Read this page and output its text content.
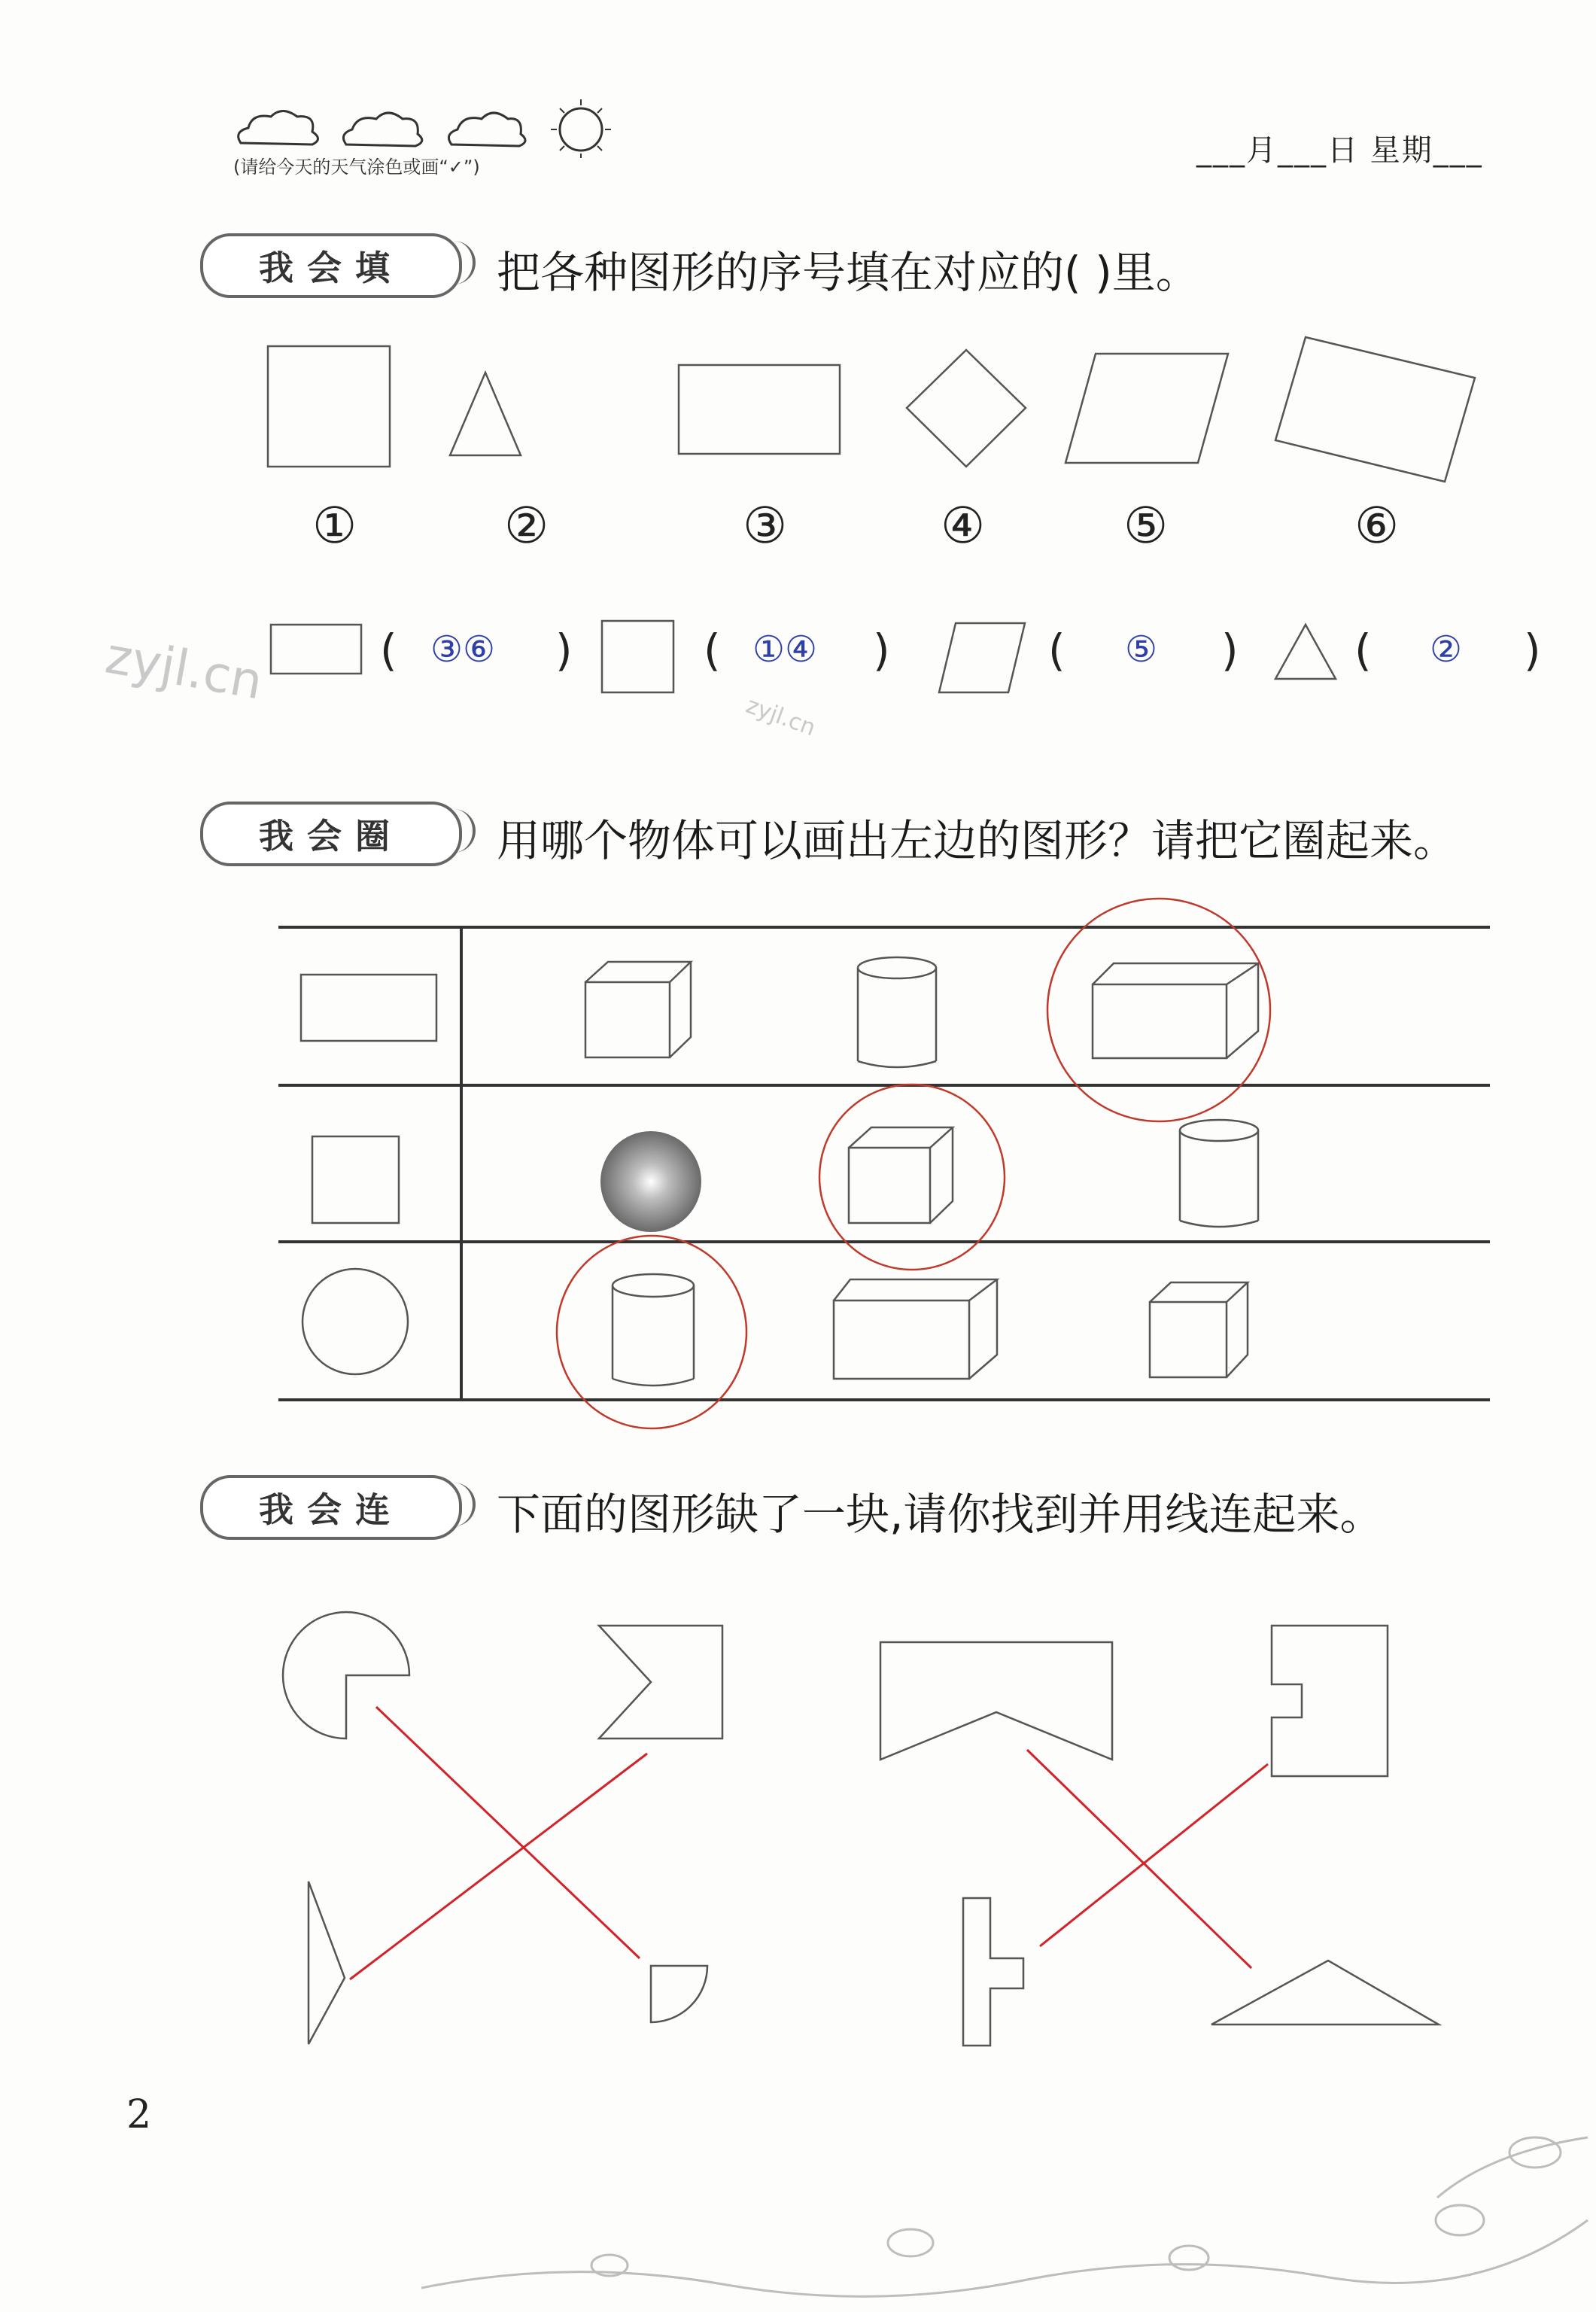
(请给今天的天气涂色或画“✓”)	___月___日 星期___
我会填	把各种图形的序号填在对应的( )里。
①	②	③	④	⑤	⑥
( ③⑥ )	( ①④ )	( ⑤ )	( ② )
zyjl.cn
zyjl.cn
我会圈	用哪个物体可以画出左边的图形？请把它圈起来。
我会连	下面的图形缺了一块,请你找到并用线连起来。
2
